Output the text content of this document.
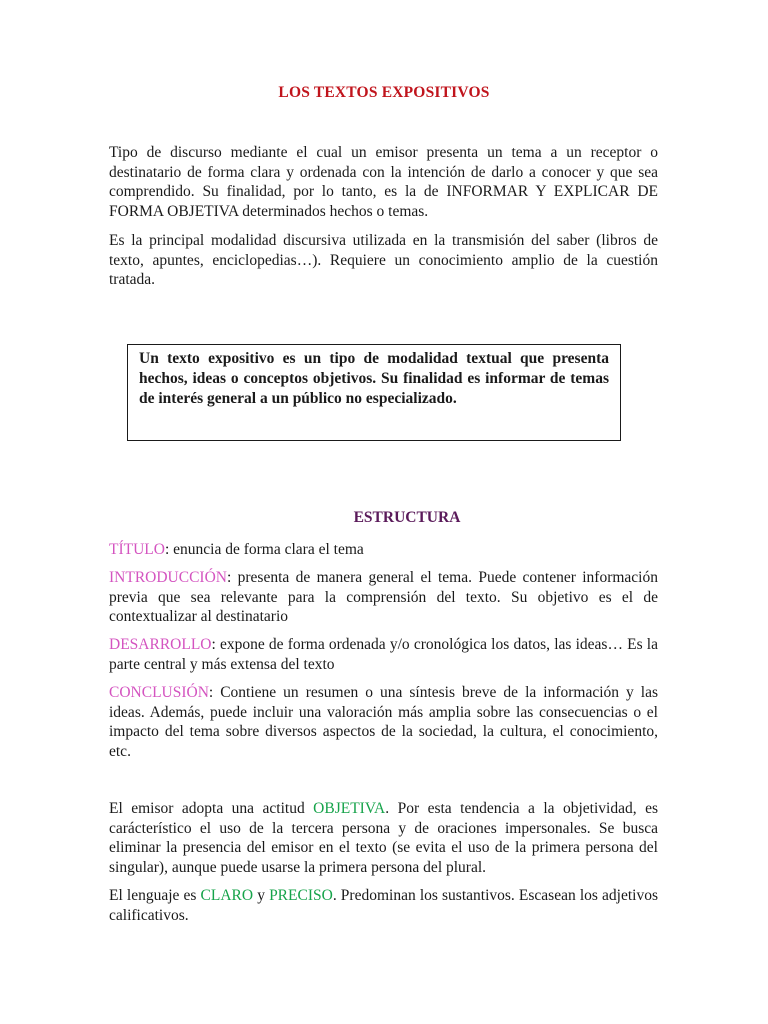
LOS TEXTOS EXPOSITIVOS

Tipo de discurso mediante el cual un emisor presenta un tema a un receptor o destinatario de forma clara y ordenada con la intención de darlo a conocer y que sea comprendido. Su finalidad, por lo tanto, es la de INFORMAR Y EXPLICAR DE FORMA OBJETIVA determinados hechos o temas.

Es la principal modalidad discursiva utilizada en la transmisión del saber (libros de texto, apuntes, enciclopedias…). Requiere un conocimiento amplio de la cuestión tratada.

Un texto expositivo es un tipo de modalidad textual que presenta hechos, ideas o conceptos objetivos. Su finalidad es informar de temas de interés general a un público no especializado.

ESTRUCTURA

TÍTULO: enuncia de forma clara el tema

INTRODUCCIÓN: presenta de manera general el tema. Puede contener información previa que sea relevante para la comprensión del texto. Su objetivo es el de contextualizar al destinatario

DESARROLLO: expone de forma ordenada y/o cronológica los datos, las ideas… Es la parte central y más extensa del texto

CONCLUSIÓN: Contiene un resumen o una síntesis breve de la información y las ideas. Además, puede incluir una valoración más amplia sobre las consecuencias o el impacto del tema sobre diversos aspectos de la sociedad, la cultura, el conocimiento, etc.

El emisor adopta una actitud OBJETIVA. Por esta tendencia a la objetividad, es carácterístico el uso de la tercera persona y de oraciones impersonales. Se busca eliminar la presencia del emisor en el texto (se evita el uso de la primera persona del singular), aunque puede usarse la primera persona del plural.

El lenguaje es CLARO y PRECISO. Predominan los sustantivos. Escasean los adjetivos calificativos.
